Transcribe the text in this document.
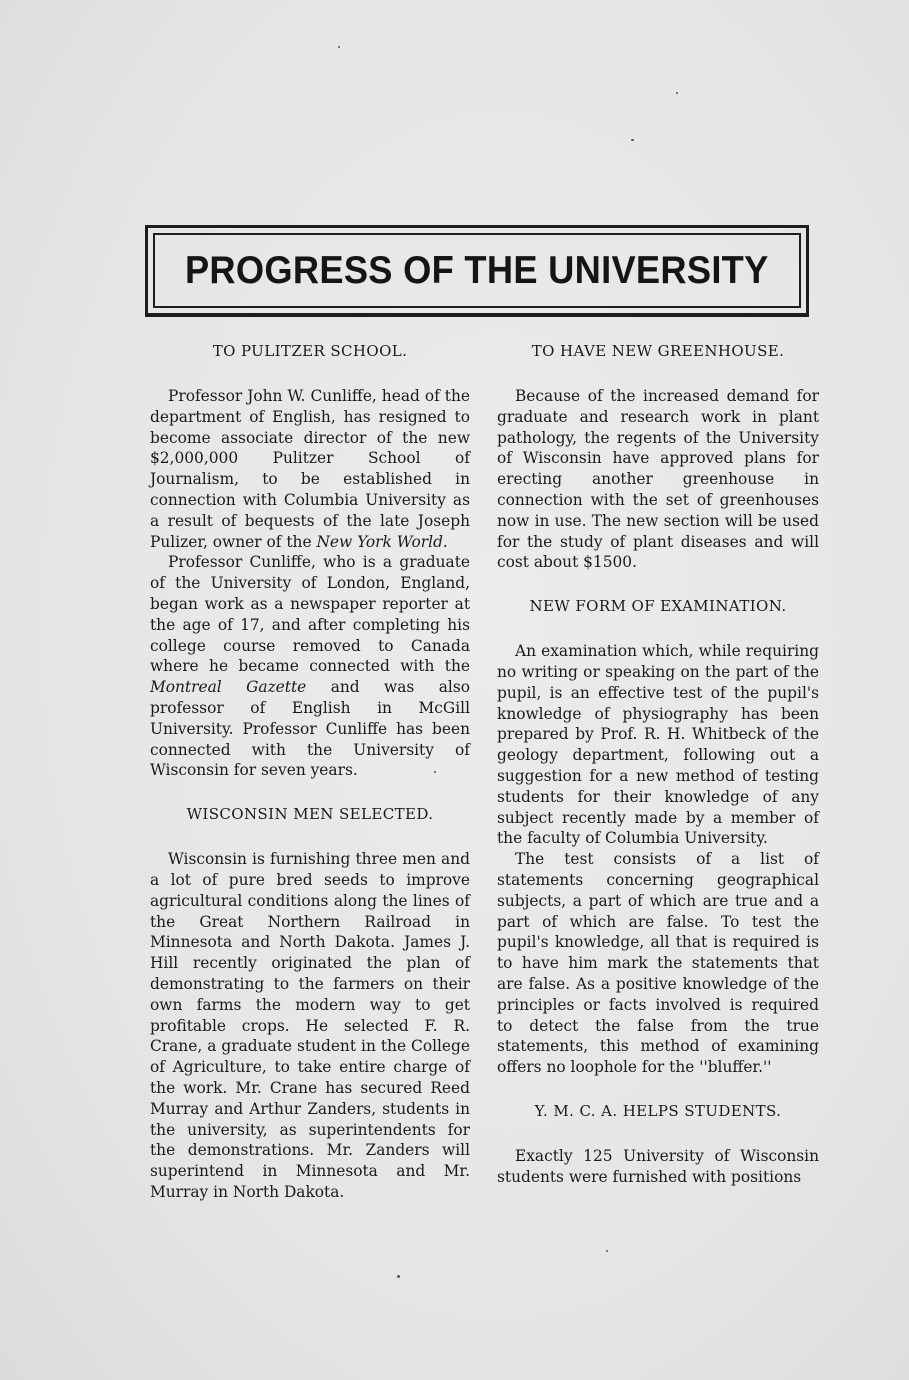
PROGRESS OF THE UNIVERSITY
TO PULITZER SCHOOL.

Professor John W. Cunliffe, head of the department of English, has resigned to become associate director of the new $2,000,000 Pulitzer School of Journalism, to be established in connection with Columbia University as a result of bequests of the late Joseph Pulizer, owner of the New York World.

Professor Cunliffe, who is a graduate of the University of London, England, began work as a newspaper reporter at the age of 17, and after completing his college course removed to Canada where he became connected with the Montreal Gazette and was also professor of English in McGill University. Professor Cunliffe has been connected with the University of Wisconsin for seven years.

WISCONSIN MEN SELECTED.

Wisconsin is furnishing three men and a lot of pure bred seeds to improve agricultural conditions along the lines of the Great Northern Railroad in Minnesota and North Dakota. James J. Hill recently originated the plan of demonstrating to the farmers on their own farms the modern way to get profitable crops. He selected F. R. Crane, a graduate student in the College of Agriculture, to take entire charge of the work. Mr. Crane has secured Reed Murray and Arthur Zanders, students in the university, as superintendents for the demonstrations. Mr. Zanders will superintend in Minnesota and Mr. Murray in North Dakota.

TO HAVE NEW GREENHOUSE.

Because of the increased demand for graduate and research work in plant pathology, the regents of the University of Wisconsin have approved plans for erecting another greenhouse in connection with the set of greenhouses now in use. The new section will be used for the study of plant diseases and will cost about $1500.

NEW FORM OF EXAMINATION.

An examination which, while requiring no writing or speaking on the part of the pupil, is an effective test of the pupil's knowledge of physiography has been prepared by Prof. R. H. Whitbeck of the geology department, following out a suggestion for a new method of testing students for their knowledge of any subject recently made by a member of the faculty of Columbia University.

The test consists of a list of statements concerning geographical subjects, a part of which are true and a part of which are false. To test the pupil's knowledge, all that is required is to have him mark the statements that are false. As a positive knowledge of the principles or facts involved is required to detect the false from the true statements, this method of examining offers no loophole for the ''bluffer.''

Y. M. C. A. HELPS STUDENTS.

Exactly 125 University of Wisconsin students were furnished with positions
